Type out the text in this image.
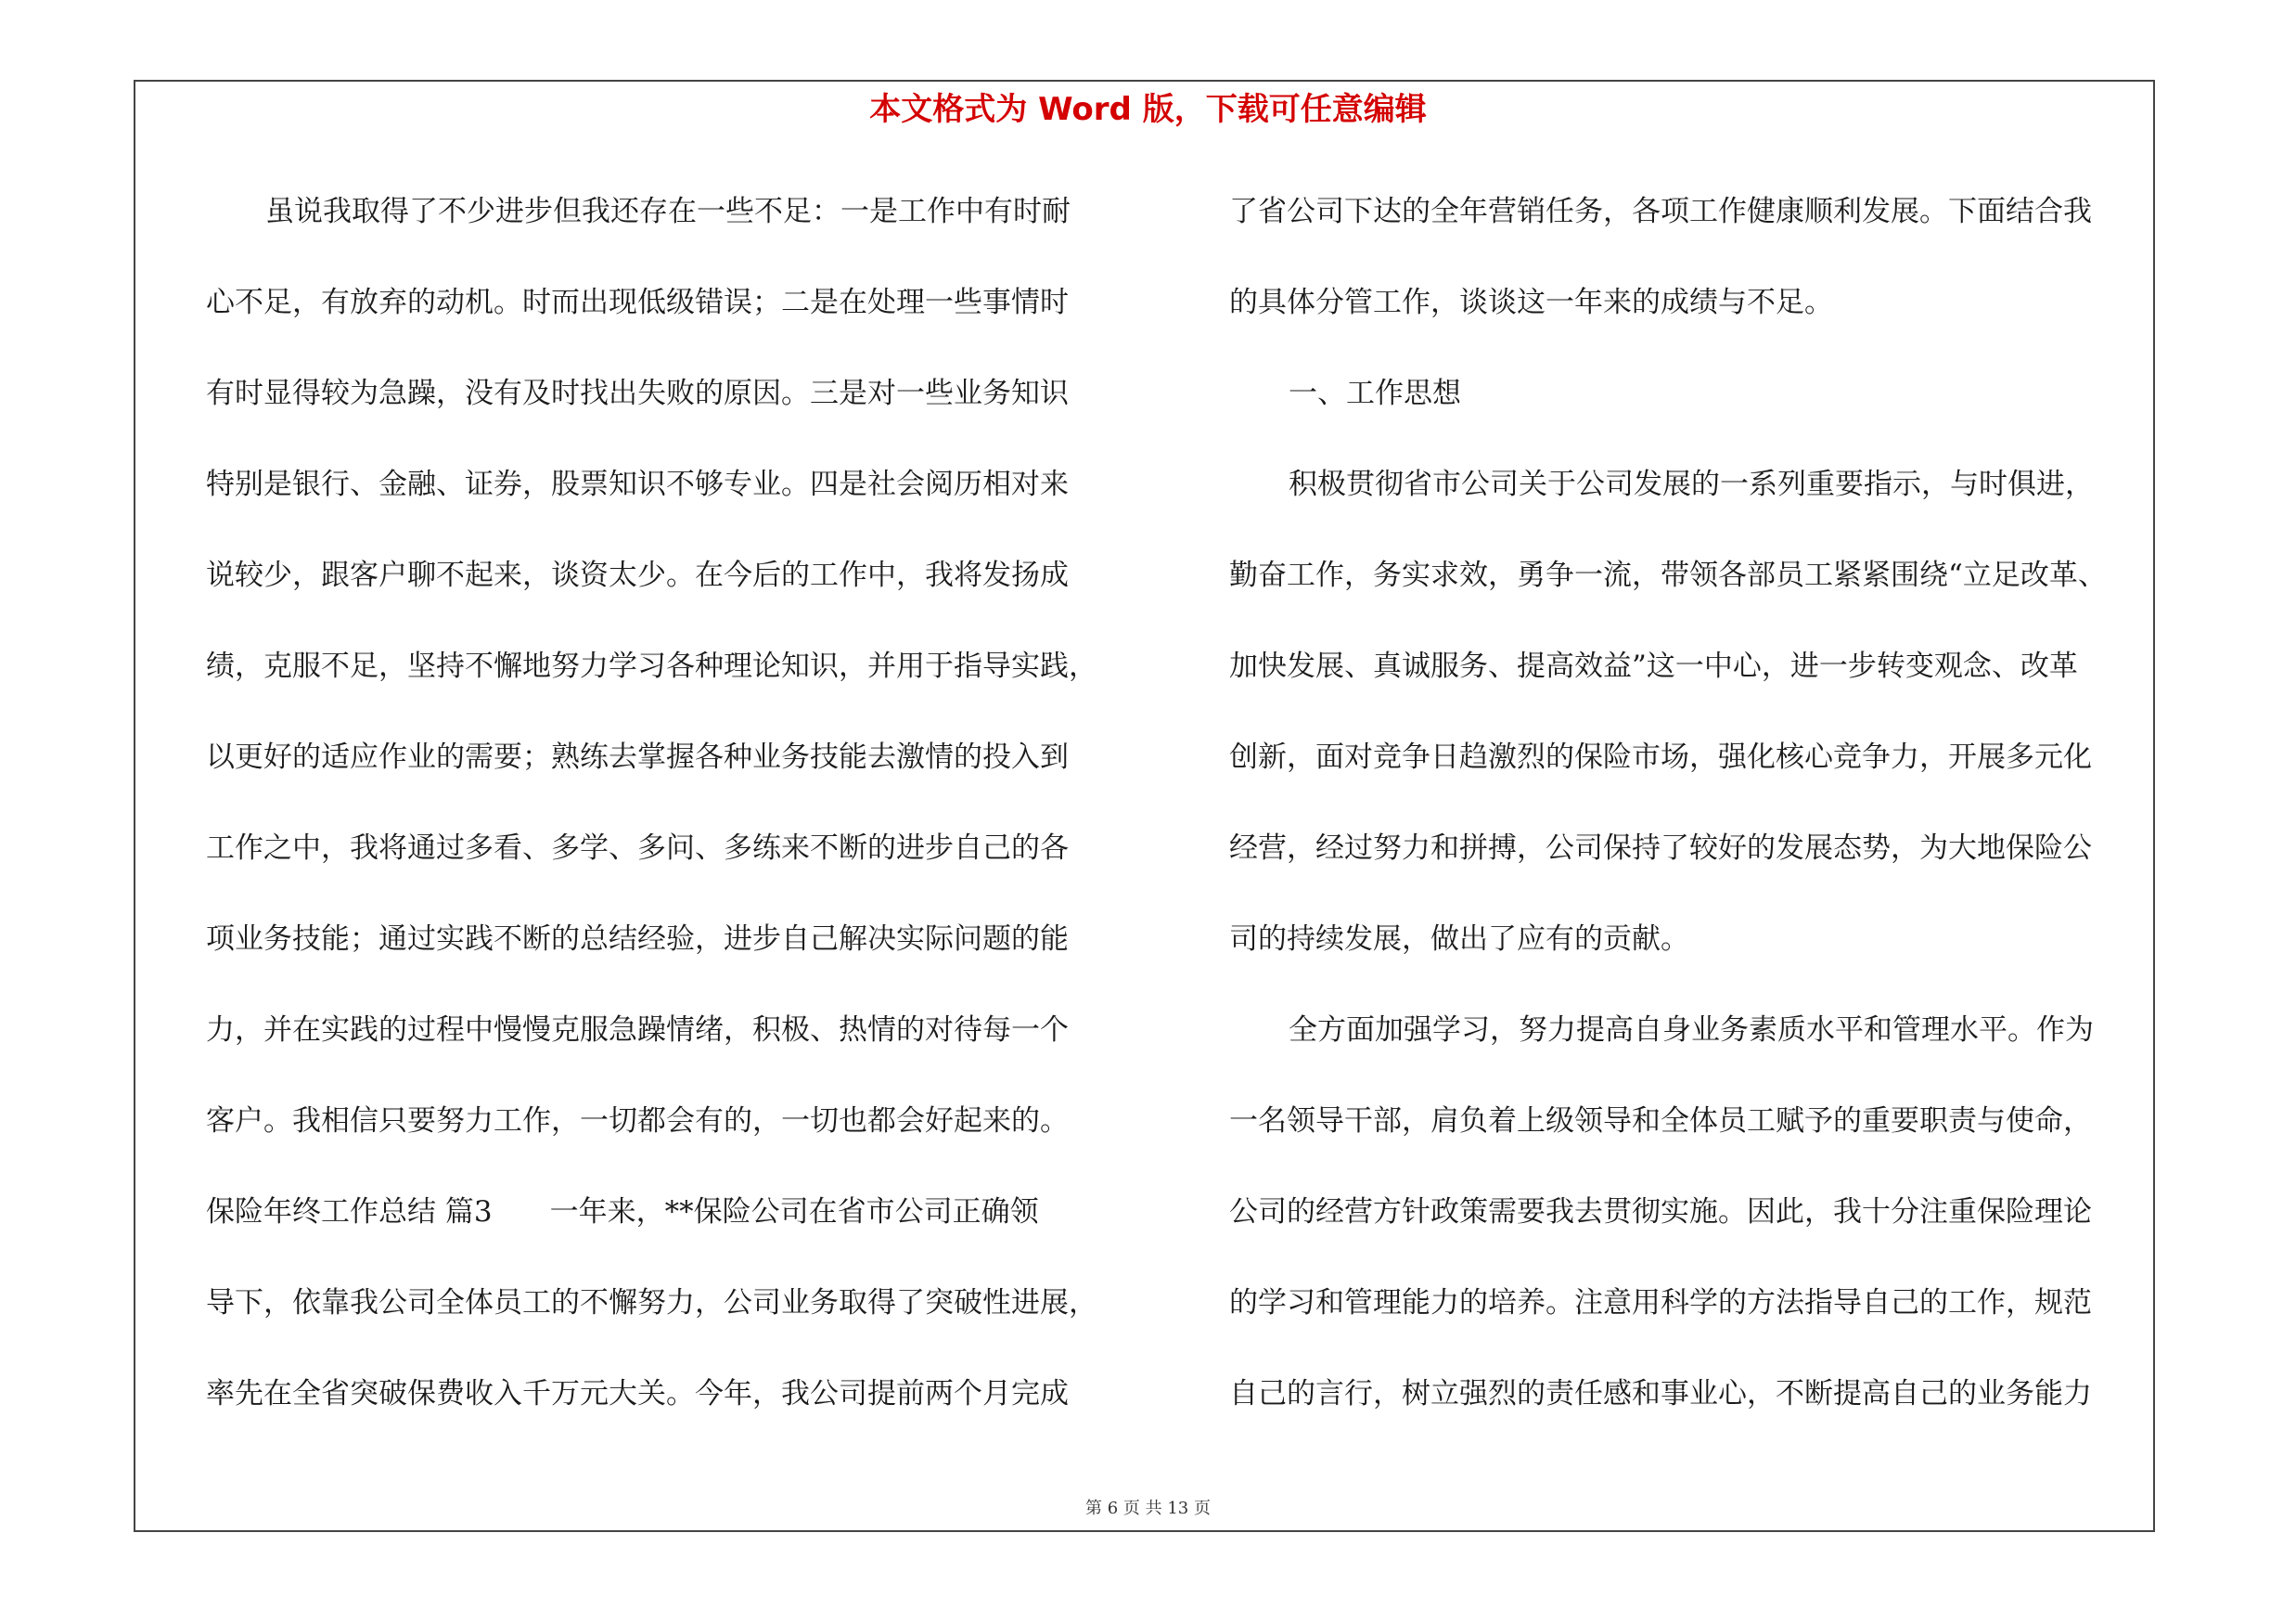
本文格式为 Word 版，下载可任意编辑
虽说我取得了不少进步但我还存在一些不足：一是工作中有时耐
心不足，有放弃的动机。时而出现低级错误；二是在处理一些事情时
有时显得较为急躁，没有及时找出失败的原因。三是对一些业务知识
特别是银行、金融、证券，股票知识不够专业。四是社会阅历相对来
说较少，跟客户聊不起来，谈资太少。在今后的工作中，我将发扬成
绩，克服不足，坚持不懈地努力学习各种理论知识，并用于指导实践，
以更好的适应作业的需要；熟练去掌握各种业务技能去激情的投入到
工作之中，我将通过多看、多学、多问、多练来不断的进步自己的各
项业务技能；通过实践不断的总结经验，进步自己解决实际问题的能
力，并在实践的过程中慢慢克服急躁情绪，积极、热情的对待每一个
客户。我相信只要努力工作，一切都会有的，一切也都会好起来的。
保险年终工作总结 篇3　　一年来，**保险公司在省市公司正确领
导下，依靠我公司全体员工的不懈努力，公司业务取得了突破性进展，
率先在全省突破保费收入千万元大关。今年，我公司提前两个月完成
了省公司下达的全年营销任务，各项工作健康顺利发展。下面结合我
的具体分管工作，谈谈这一年来的成绩与不足。
一、工作思想
积极贯彻省市公司关于公司发展的一系列重要指示，与时俱进，
勤奋工作，务实求效，勇争一流，带领各部员工紧紧围绕“立足改革、
加快发展、真诚服务、提高效益”这一中心，进一步转变观念、改革
创新，面对竞争日趋激烈的保险市场，强化核心竞争力，开展多元化
经营，经过努力和拼搏，公司保持了较好的发展态势，为大地保险公
司的持续发展，做出了应有的贡献。
全方面加强学习，努力提高自身业务素质水平和管理水平。作为
一名领导干部，肩负着上级领导和全体员工赋予的重要职责与使命，
公司的经营方针政策需要我去贯彻实施。因此，我十分注重保险理论
的学习和管理能力的培养。注意用科学的方法指导自己的工作，规范
自己的言行，树立强烈的责任感和事业心，不断提高自己的业务能力
第 6 页 共 13 页
